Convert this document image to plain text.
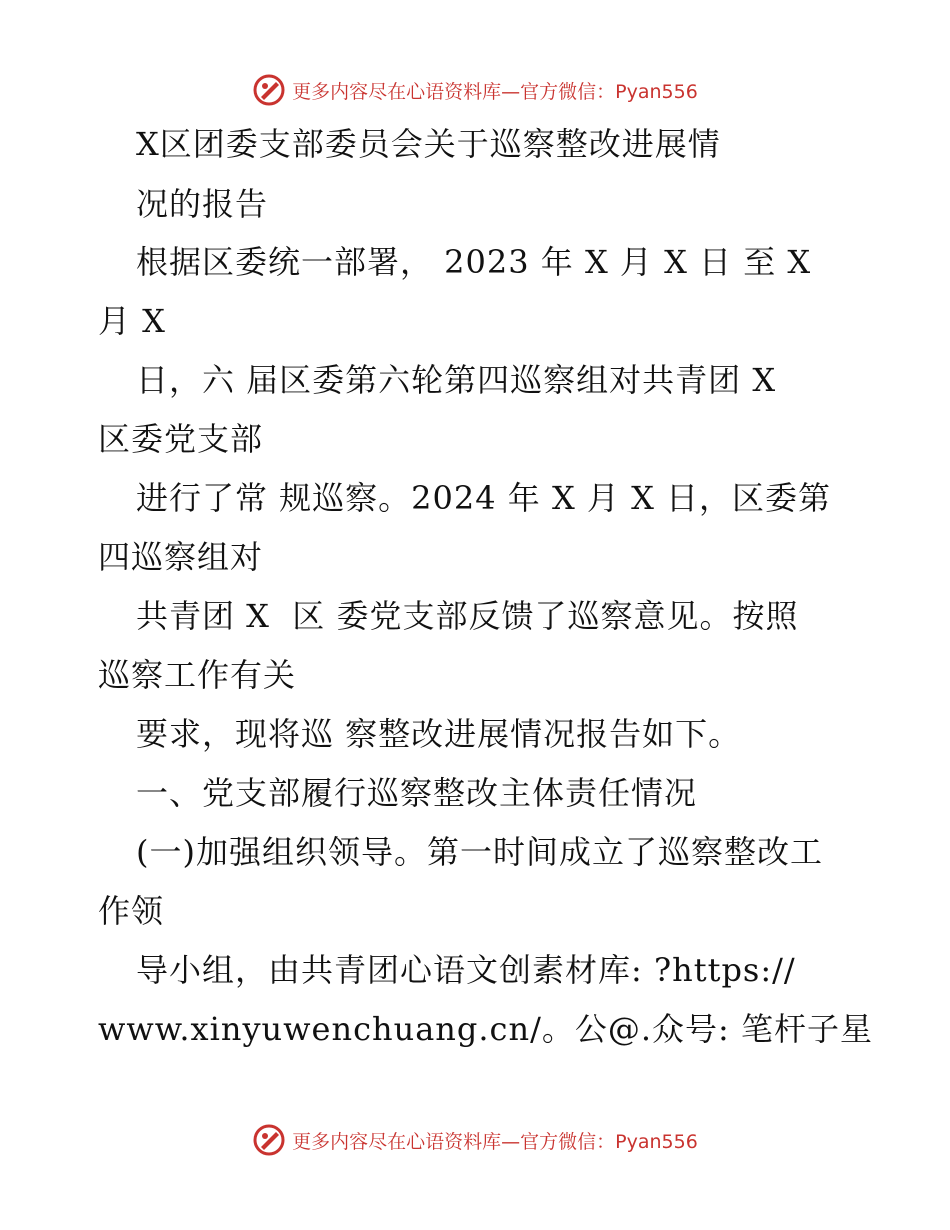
更多内容尽在心语资料库—官方微信：Pyan556
X区团委支部委员会关于巡察整改进展情
况的报告
根据区委统一部署， 2023 年 X 月 X 日 至 X
月 X
日，六 届区委第六轮第四巡察组对共青团 X
区委党支部
进行了常 规巡察。2024 年 X 月 X 日，区委第
四巡察组对
共青团 X  区 委党支部反馈了巡察意见。按照
巡察工作有关
要求，现将巡 察整改进展情况报告如下。
一、党支部履行巡察整改主体责任情况
(一)加强组织领导。第一时间成立了巡察整改工
作领
导小组，由共青团心语文创素材库: ?https://
www.xinyuwenchuang.cn/。公@.众号: 笔杆子星
更多内容尽在心语资料库—官方微信：Pyan556
